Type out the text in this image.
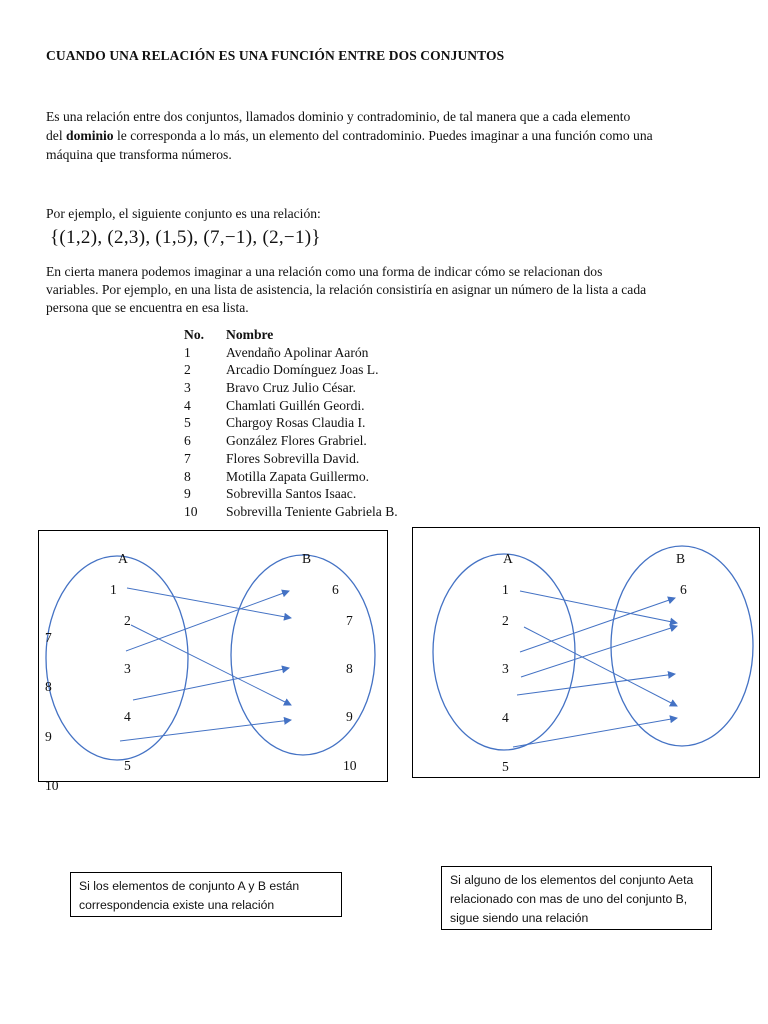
CUANDO UNA RELACIÓN ES UNA FUNCIÓN ENTRE DOS CONJUNTOS
Es una relación entre dos conjuntos, llamados dominio y contradominio, de tal manera que a cada elemento
del dominio le corresponda a lo más, un elemento del contradominio. Puedes imaginar a una función como una
máquina que transforma números.
Por ejemplo, el siguiente conjunto es una relación:
{(1,2), (2,3), (1,5), (7,−1), (2,−1)}
En cierta manera podemos imaginar a una relación como una forma de indicar cómo se relacionan dos
variables. Por ejemplo, en una lista de asistencia, la relación consistiría en asignar un número de la lista a cada
persona que se encuentra en esa lista.
No. Nombre
1	Avendaño Apolinar Aarón
2	Arcadio Domínguez Joas L.
3	Bravo Cruz Julio César.
4	Chamlati Guillén Geordi.
5	Chargoy Rosas Claudia I.
6	González Flores Grabriel.
7	Flores Sobrevilla David.
8	Motilla Zapata Guillermo.
9	Sobrevilla Santos Isaac.
10 Sobrevilla Teniente Gabriela B.
A	B
1
2
3
4
5
6
7
8
9
10
7
8
9
10
A	B
1
2
3
4
5
6
Si los elementos de conjunto A y B están
correspondencia existe una relación
Si alguno de los elementos del conjunto Aeta
relacionado con mas de uno del conjunto B,
sigue siendo una relación
